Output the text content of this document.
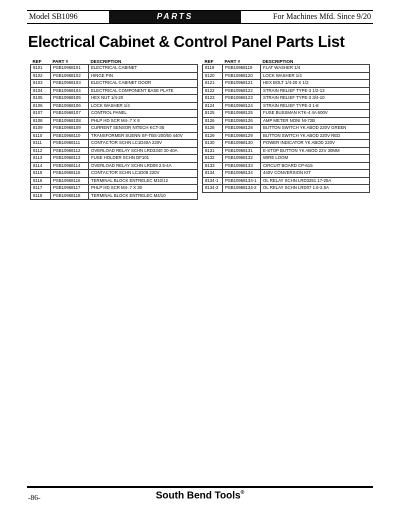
Model SB1096	PARTS	For Machines Mfd. Since 9/20
Electrical Cabinet & Control Panel Parts List
REF	PART #	DESCRIPTION
8101	PSB1096810​1	ELECTRICAL CABINET
8102	PSB10968102	HINGE PIN
8103	PSB10968103	ELECTRICAL CABINET DOOR
8104	PSB10968104	ELECTRICAL COMPONENT BASE PLATE
8105	PSB10968105	HEX NUT 1/4-20
8106	PSB10968106	LOCK WASHER 1/4
8107	PSB10968107	CONTROL PANEL
8108	PSB10968108	PHLP HD SCR M4-.7 X 8
8109	PSB10968109	CURRENT SENSOR NITECH KCT-35
8110	PSB10968110	TRANSFORMER SUENN SF-TBS-200/50 440V
8111	PSB10968111	CONTACTOR SCHN LC1D40A 220V
8112	PSB10968112	OVERLOAD RELAY SCHN LRD3340 30-40A
8113	PSB10968113	FUSE HOLDER SCHN DF101
8114	PSB10968114	OVERLOAD RELAY SCHN LRD08 2.5-4A
8115	PSB10968115	CONTACTOR SCHN LC1D09 220V
8116	PSB10968116	TERMINAL BLOCK ENTRELEC M10/12
8117	PSB10968117	PHLP HD SCR M4-.7 X 30
8118	PSB10968118	TERMINAL BLOCK ENTRELEC M4/10
REF	PART #	DESCRIPTION
8119	PSB10968119	FLAT WASHER 1/4
8120	PSB10968120	LOCK WASHER 1/4
8121	PSB10968121	HEX BOLT 1/4-20 X 1/2
8122	PSB10968122	STRAIN RELIEF TYPE-3 1/2-13
8123	PSB10968123	STRAIN RELIEF TYPE-3 3/4-10
8124	PSB10968124	STRAIN RELIEF TYPE-3 1-8
8125	PSB10968125	FUSE BUSSMAN KTK-4 4A 600V
8126	PSB10968126	AMP METER NONI NI-72B
8128	PSB10968128	BUTTON SWITCH YK ABOD 220V GREEN
8129	PSB10968129	BUTTON SWITCH YK ABOD 220V RED
8130	PSB10968130	POWER INDICATOR YK ABOD 220V
8131	PSB10968131	E-STOP BUTTON YK ABOD 22V 30MM
8132	PSB10968132	WIRE LOOM
8133	PSB10968133	CIRCUIT BOARD CP-615
8134	PSB10968134	440V CONVERSION KIT
8134-1	PSB10968134-1	OL RELAY SCHN LRD3251 17-25A
8134-2	PSB10968134-2	OL RELAY SCHN LRD07 1.6-2.5A
-86-	South Bend Tools®
